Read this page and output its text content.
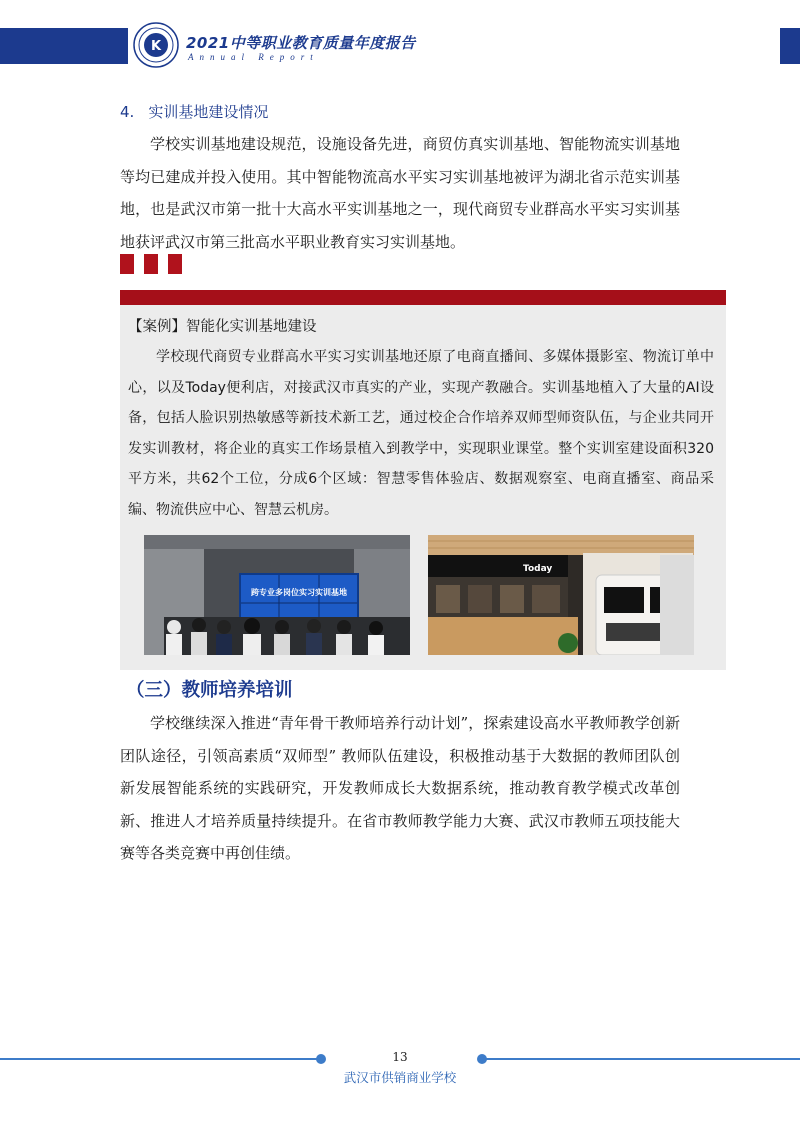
K 2021中等职业教育质量年度报告
Annual Report
4. 实训基地建设情况

学校实训基地建设规范，设施设备先进，商贸仿真实训基地、智能物流实训基地等均已建成并投入使用。其中智能物流高水平实习实训基地被评为湖北省示范实训基地，也是武汉市第一批十大高水平实训基地之一，现代商贸专业群高水平实习实训基地获评武汉市第三批高水平职业教育实习实训基地。

【案例】智能化实训基地建设

学校现代商贸专业群高水平实习实训基地还原了电商直播间、多媒体摄影室、物流订单中心，以及Today便利店，对接武汉市真实的产业，实现产教融合。实训基地植入了大量的AI设备，包括人脸识别热敏感等新技术新工艺，通过校企合作培养双师型师资队伍，与企业共同开发实训教材，将企业的真实工作场景植入到教学中，实现职业课堂。整个实训室建设面积320平方米，共62个工位，分成6个区域：智慧零售体验店、数据观察室、电商直播室、商品采编、物流供应中心、智慧云机房。

跨专业多岗位实习实训基地
Today
（三）教师培养培训

学校继续深入推进“青年骨干教师培养行动计划”，探索建设高水平教师教学创新团队途径，引领高素质“双师型” 教师队伍建设，积极推动基于大数据的教师团队创新发展智能系统的实践研究，开发教师成长大数据系统，推动教育教学模式改革创新、推进人才培养质量持续提升。在省市教师教学能力大赛、武汉市教师五项技能大赛等各类竞赛中再创佳绩。

13
武汉市供销商业学校
